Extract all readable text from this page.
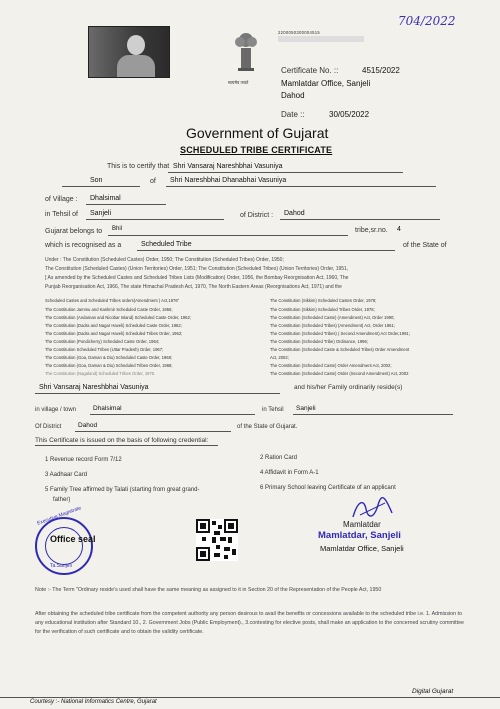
704/2022
सत्यमेव जयते
2200050300004515
Certificate No. ::	4515/2022
Mamlatdar Office, Sanjeli
Dahod
Date ::	30/05/2022
Government of Gujarat
SCHEDULED TRIBE CERTIFICATE
This is to certify that Shri Vansaraj Nareshbhai Vasuniya
Son	of Shri Nareshbhai Dhanabhai Vasuniya
of Village : Dhalsimal
in Tehsil of Sanjeli	of District : Dahod
Gujarat belongs to Bhil	tribe,sr.no. 4
which is recognised as a	Scheduled Tribe	of the State of
Under : The Constitution (Scheduled Castes) Order, 1950; The Constitution (Scheduled Tribes) Order, 1950;
The Constitution (Scheduled Castes) (Union Territories) Order, 1951; The Constitution (Scheduled Tribes) (Union Territories) Order, 1951,
[ As amended by the Scheduled Castes and Scheduled Tribes Lists (Modification) Order, 1956, the Bombay Reorgnisation Act, 1960, The
Punjab Reorganisation Act, 1966, The state Himachal Pradesh Act, 1970, The North Eastern Areas (Reorgnisations Act, 1971) and the
Scheduled Castes and Scheduled Tribes orders(Amendment ) Act,1976"
The Constitution Jammu and Kashmir Scheduled Caste Order, 1956;
The Constitution (Andaman and Nicobar Island) Scheduled Caste Order, 1962;
The Constitution (Dadra and Nagar Haveli) Scheduled Caste Order, 1962;
The Constitution (Dadra and Nagar Haveli) Scheduled Tribes Order, 1962;
The Constitution (Pondicherry) Scheduled Caste Order, 1964;
The Constitution Scheduled Tribes (Uttar Pradesh) Order, 1967;
The Constitution (Goa, Daman & Diu) Scheduled Caste Order, 1968;
The Constitution (Goa, Daman & Diu) Scheduled Tribes Order, 1968;
The Constitution (Nagaland) Scheduled Tribes Order, 1970.
The Constitution (Sikkim) Scheduled Castes Order, 1978;
The Constitution (Sikkim) Scheduled Tribes Order, 1978;
The Constitution (Scheduled Caste) (Amendment) Act, Order 1990;
The Constitution (Scheduled Tribes) (Amendment) Act, Order 1961;
The Constitution (Scheduled Tribes) ( Second Amendment) Act Order,1991;
The Constitution (Scheduled Tribe) Ordinance, 1996;
The Constitution (Scheduled Caste & Scheduled Tribes) Order Amendment
Act, 2002;
The Constitution (Scheduled Caste) Order Amendment Act, 2002;
The Constitution (Scheduled Caste) Order (Second Amendment) Act, 2002
Shri Vansaraj Nareshbhai Vasuniya	and his/her Family ordinarily reside(s)
in village / town	Dhalsimal	in Tehsil Sanjeli
Of District	Dahod	of the State of Gujarat.
This Certificate is issued on the basis of following credential:
1 Revenue record Form 7/12
3 Aadhaar Card
5 Family Tree affirmed by Talati (starting from great grand-
father)
2 Ration Card
4 Affidavit in Form A-1
6 Primary School leaving Certificate of an applicant
Executive Magistrate
Office seal
Ta.Sanjeli
Mamlatdar
Mamlatdar, Sanjeli
Mamlatdar Office, Sanjeli
Note :- The Term "Ordinary reside's used shall have the same meaning as assigned to it in Section 20 of the Representation of the People Act, 1950
After obtaining the scheduled tribe certificate from the competent authority any person desirous to avail the benefits or concessions available to the scheduled tribe i.e. 1. Admission to any educational institution after Standard 10., 2. Government Jobs (Public Employment)., 3.contesting for elective posts, shall make an application to the concerned scrutiny committee for the verification of such certificate and to obtain the validity certificate.
Courtesy :- National Informatics Centre, Gujarat
Digital Gujarat
